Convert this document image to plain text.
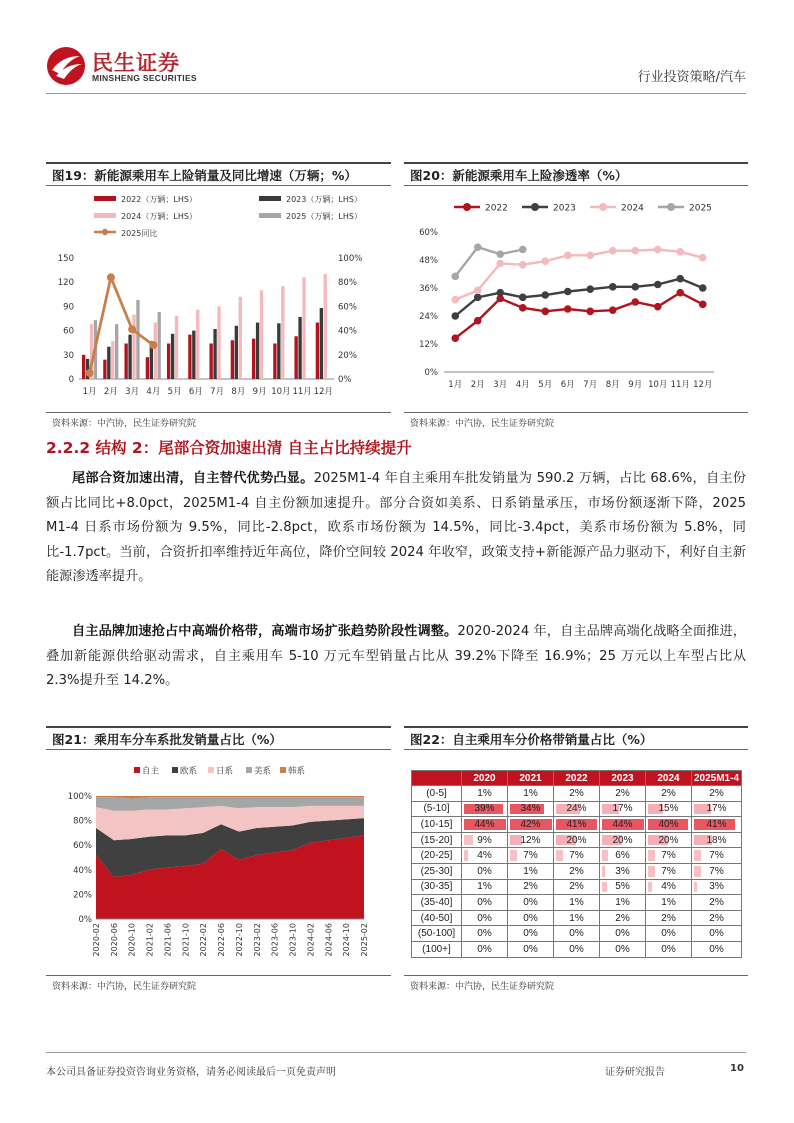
民生证券
MINSHENG SECURITIES	行业投资策略/汽车
图19：新能源乘用车上险销量及同比增速（万辆；%）
2022（万辆；LHS）	2023（万辆；LHS）
2024（万辆；LHS）	2025（万辆；LHS）
2025同比
0
30
60
90
120
150
0%
20%
40%
60%
80%
100%
1月 2月 3月 4月 5月 6月 7月 8月 9月 10月 11月 12月
资料来源：中汽协，民生证券研究院
图20：新能源乘用车上险渗透率（%）
2022	2023	2024	2025
0%
12%
24%
36%
48%
60%
1月 2月 3月 4月 5月 6月 7月 8月 9月 10月 11月 12月
资料来源：中汽协，民生证券研究院
2.2.2 结构 2：尾部合资加速出清 自主占比持续提升
尾部合资加速出清，自主替代优势凸显。2025M1-4 年自主乘用车批发销量为 590.2 万辆，占比 68.6%，自主份额占比同比+8.0pct，2025M1-4 自主份额加速提升。部分合资如美系、日系销量承压，市场份额逐渐下降，2025 M1-4 日系市场份额为 9.5%，同比-2.8pct，欧系市场份额为 14.5%，同比-3.4pct，美系市场份额为 5.8%，同比-1.7pct。当前，合资折扣率维持近年高位，降价空间较 2024 年收窄，政策支持+新能源产品力驱动下，利好自主新能源渗透率提升。
自主品牌加速抢占中高端价格带，高端市场扩张趋势阶段性调整。2020-2024 年，自主品牌高端化战略全面推进，叠加新能源供给驱动需求，自主乘用车 5-10 万元车型销量占比从 39.2%下降至 16.9%；25 万元以上车型占比从 2.3%提升至 14.2%。
图21：乘用车分车系批发销量占比（%）
自主 欧系 日系 美系 韩系
0%
20%
40%
60%
80%
100%
2020-02 2020-06 2020-10 2021-02 2021-06 2021-10 2022-02 2022-06 2022-10 2023-02 2023-06 2023-10 2024-02 2024-06 2024-10 2025-02
资料来源：中汽协，民生证券研究院
图22：自主乘用车分价格带销量占比（%）
	2020	2021	2022	2023	2024	2025M1-4
(0-5]	1%	1%	2%	2%	2%	2%
(5-10]	39%	34%	24%	17%	15%	17%
(10-15]	44%	42%	41%	44%	40%	41%
(15-20]	9%	12%	20%	20%	20%	18%
(20-25]	4%	7%	7%	6%	7%	7%
(25-30]	0%	1%	2%	3%	7%	7%
(30-35]	1%	2%	2%	5%	4%	3%
(35-40]	0%	0%	1%	1%	1%	2%
(40-50]	0%	0%	1%	2%	2%	2%
(50-100]	0%	0%	0%	0%	0%	0%
(100+]	0%	0%	0%	0%	0%	0%
资料来源：中汽协，民生证券研究院
本公司具备证券投资咨询业务资格，请务必阅读最后一页免责声明	证券研究报告	10
